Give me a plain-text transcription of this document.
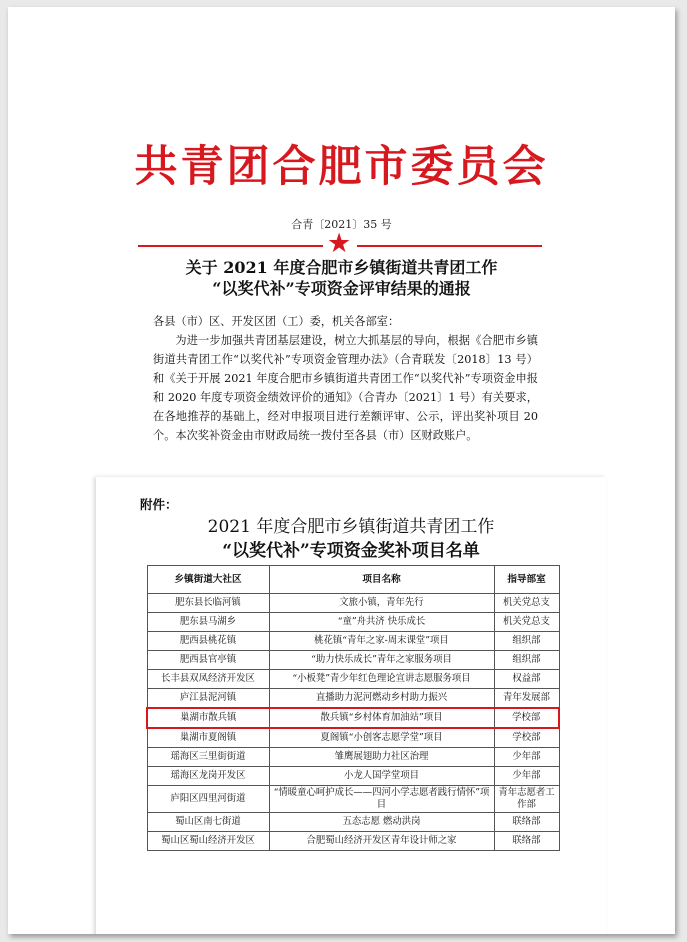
共青团合肥市委员会
合青〔2021〕35 号
★
关于 2021 年度合肥市乡镇街道共青团工作
“以奖代补”专项资金评审结果的通报

各县（市）区、开发区团（工）委，机关各部室：

为进一步加强共青团基层建设，树立大抓基层的导向，根据《合肥市乡镇街道共青团工作“以奖代补”专项资金管理办法》（合青联发〔2018〕13 号）和《关于开展 2021 年度合肥市乡镇街道共青团工作“以奖代补”专项资金申报和 2020 年度专项资金绩效评价的通知》（合青办〔2021〕1 号）有关要求，在各地推荐的基础上，经对申报项目进行差额评审、公示，评出奖补项目 20 个。本次奖补资金由市财政局统一拨付至各县（市）区财政账户。

附件：
2021 年度合肥市乡镇街道共青团工作
“以奖代补”专项资金奖补项目名单
乡镇街道大社区	项目名称	指导部室
肥东县长临河镇	文旅小镇，青年先行	机关党总支
肥东县马湖乡	“童”舟共济 快乐成长	机关党总支
肥西县桃花镇	桃花镇“青年之家-周末课堂”项目	组织部
肥西县官亭镇	“助力快乐成长”青年之家服务项目	组织部
长丰县双凤经济开发区	“小板凳”青少年红色理论宣讲志愿服务项目	权益部
庐江县泥河镇	直播助力泥河燃动乡村助力振兴	青年发展部
巢湖市散兵镇	散兵镇“乡村体育加油站”项目	学校部
巢湖市夏阁镇	夏阁镇“小创客志愿学堂”项目	学校部
瑶海区三里街街道	雏鹰展翅助力社区治理	少年部
瑶海区龙岗开发区	小龙人国学堂项目	少年部
庐阳区四里河街道	“情暖童心呵护成长——四河小学志愿者践行情怀”项目	青年志愿者工作部
蜀山区南七街道	五态志愿 燃动洪岗	联络部
蜀山区蜀山经济开发区	合肥蜀山经济开发区青年设计师之家	联络部
